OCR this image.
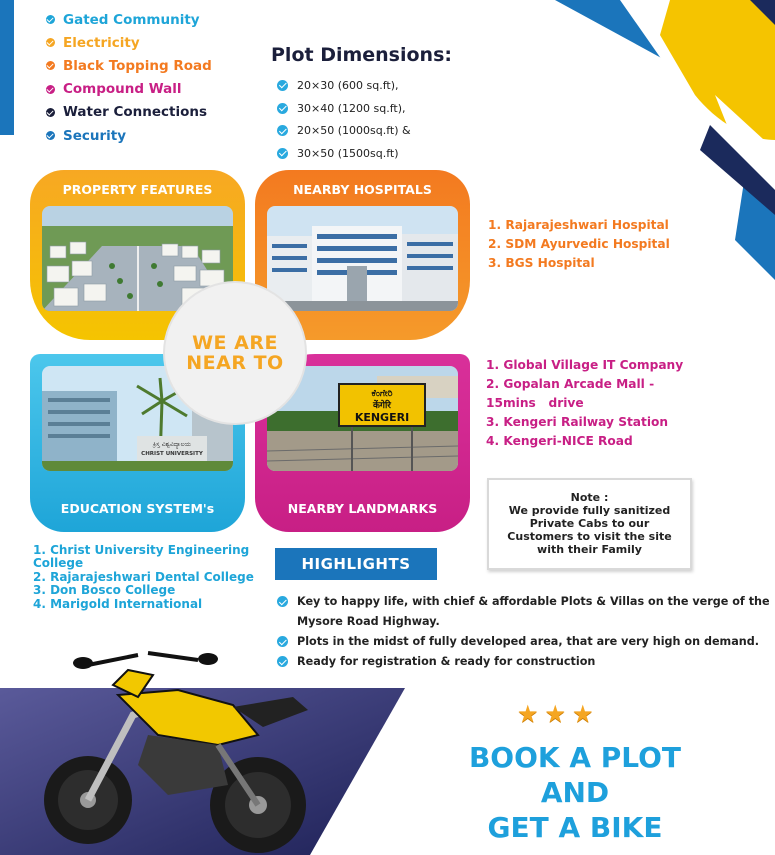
Gated Community
Electricity
Black Topping Road
Compound Wall
Water Connections
Security
Plot Dimensions:
20×30 (600 sq.ft),
30×40 (1200 sq.ft),
20×50 (1000sq.ft) &
30×50 (1500sq.ft)
PROPERTY FEATURES	NEARBY HOSPITALS
ಕ್ರಿಸ್ತ ವಿಶ್ವವಿದ್ಯಾಲಯ
CHRIST UNIVERSITY
EDUCATION SYSTEM's
ಕೆಂಗೇರಿ
केंगेरि
KENGERI
NEARBY LANDMARKS
WE ARE
NEAR TO
1. Rajarajeshwari Hospital
2. SDM Ayurvedic Hospital
3. BGS Hospital
1. Global Village IT Company
2. Gopalan Arcade Mall -
15mins   drive
3. Kengeri Railway Station
4. Kengeri-NICE Road
1. Christ University Engineering College
2. Rajarajeshwari Dental College
3. Don Bosco College
4. Marigold International
Note :
We provide fully sanitized
Private Cabs to our
Customers to visit the site
with their Family
HIGHLIGHTS
Key to happy life, with chief & affordable Plots & Villas on the verge of the Mysore Road Highway.
Plots in the midst of fully developed area, that are very high on demand.
Ready for registration & ready for construction
★ ★ ★
BOOK A PLOT
AND
GET A BIKE
